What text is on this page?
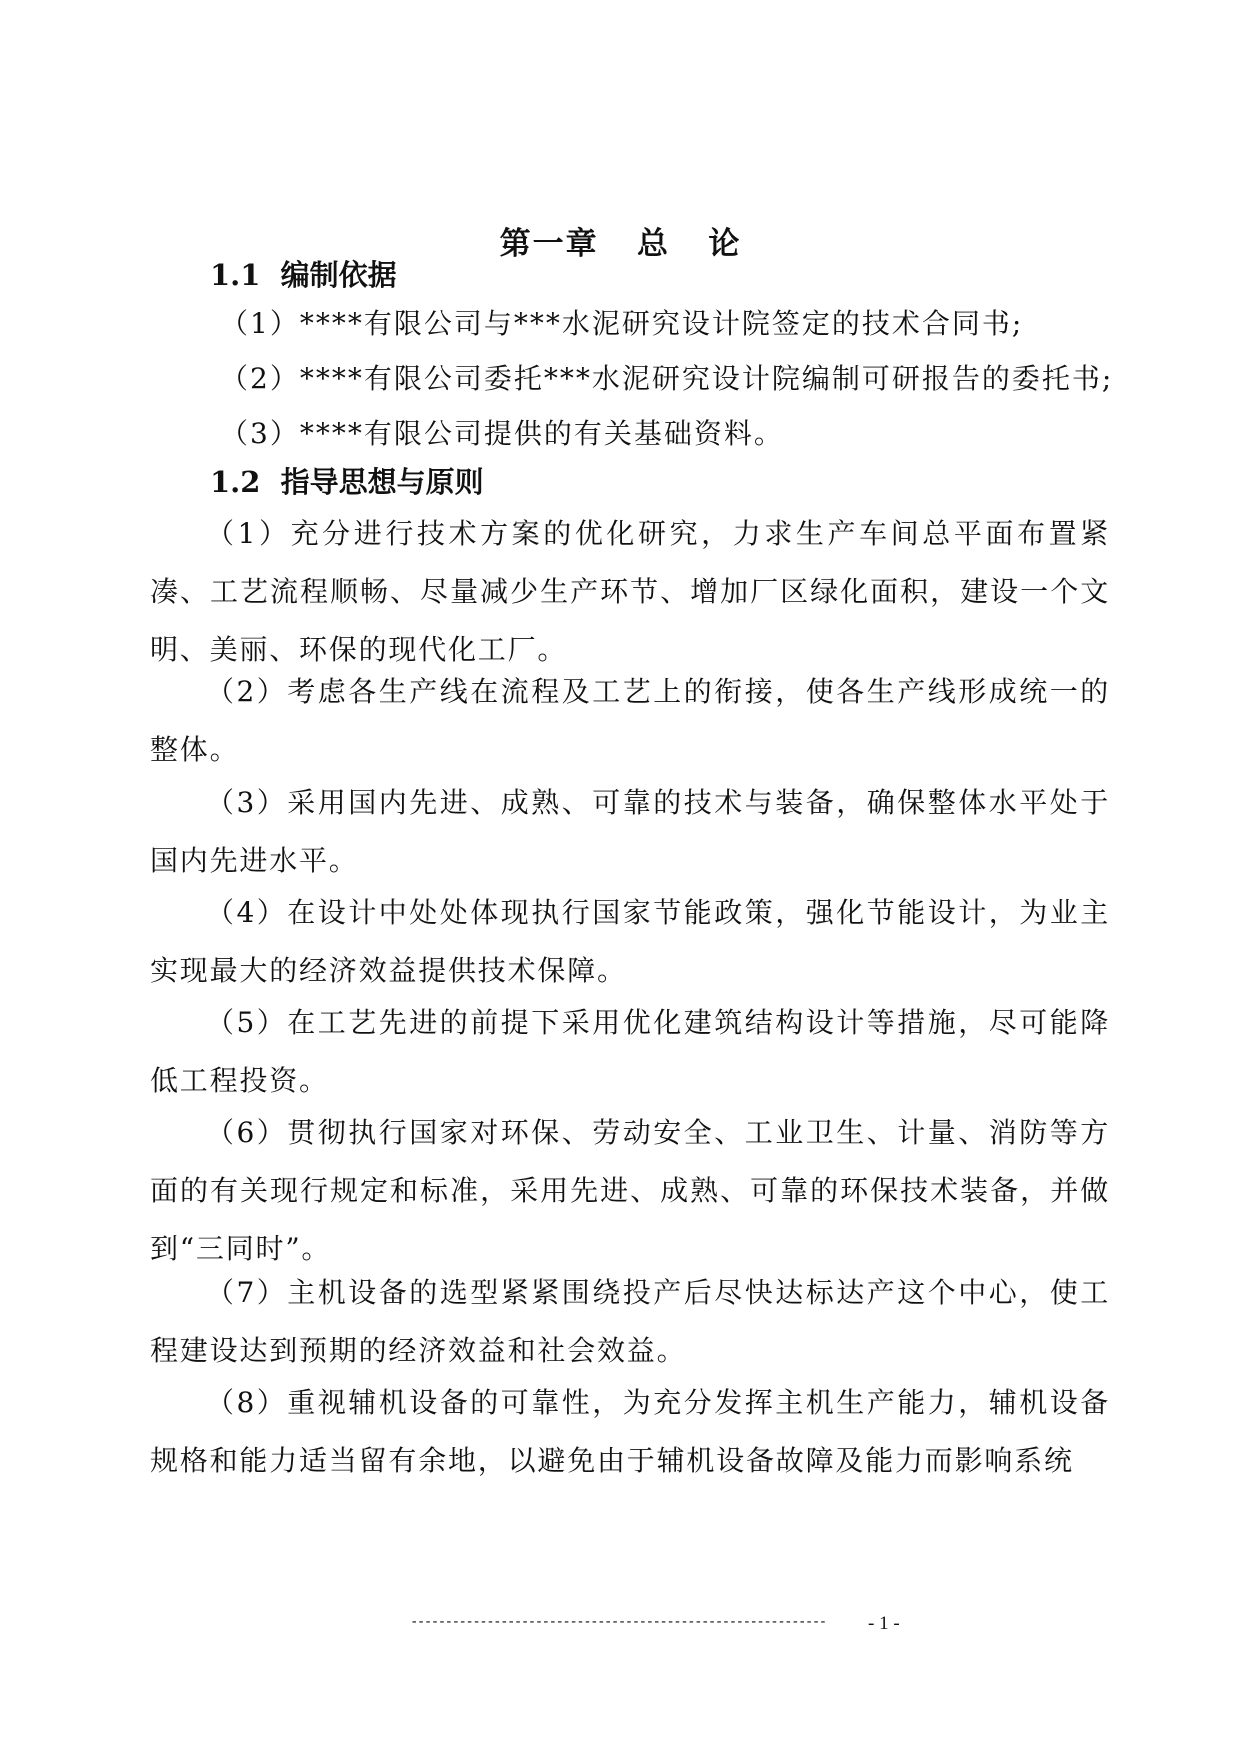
第一章   总   论
1.1  编制依据
（1）****有限公司与***水泥研究设计院签定的技术合同书;
（2）****有限公司委托***水泥研究设计院编制可研报告的委托书;
（3）****有限公司提供的有关基础资料。
1.2  指导思想与原则

（1）充分进行技术方案的优化研究，力求生产车间总平面布置紧凑、工艺流程顺畅、尽量减少生产环节、增加厂区绿化面积，建设一个文明、美丽、环保的现代化工厂。

（2）考虑各生产线在流程及工艺上的衔接，使各生产线形成统一的整体。

（3）采用国内先进、成熟、可靠的技术与装备，确保整体水平处于国内先进水平。

（4）在设计中处处体现执行国家节能政策，强化节能设计，为业主实现最大的经济效益提供技术保障。

（5）在工艺先进的前提下采用优化建筑结构设计等措施，尽可能降低工程投资。

（6）贯彻执行国家对环保、劳动安全、工业卫生、计量、消防等方面的有关现行规定和标准，采用先进、成熟、可靠的环保技术装备，并做到“三同时”。

（7）主机设备的选型紧紧围绕投产后尽快达标达产这个中心，使工程建设达到预期的经济效益和社会效益。

（8）重视辅机设备的可靠性，为充分发挥主机生产能力，辅机设备规格和能力适当留有余地，以避免由于辅机设备故障及能力而影响系统

------------------------------------------------------------ - 1 -
